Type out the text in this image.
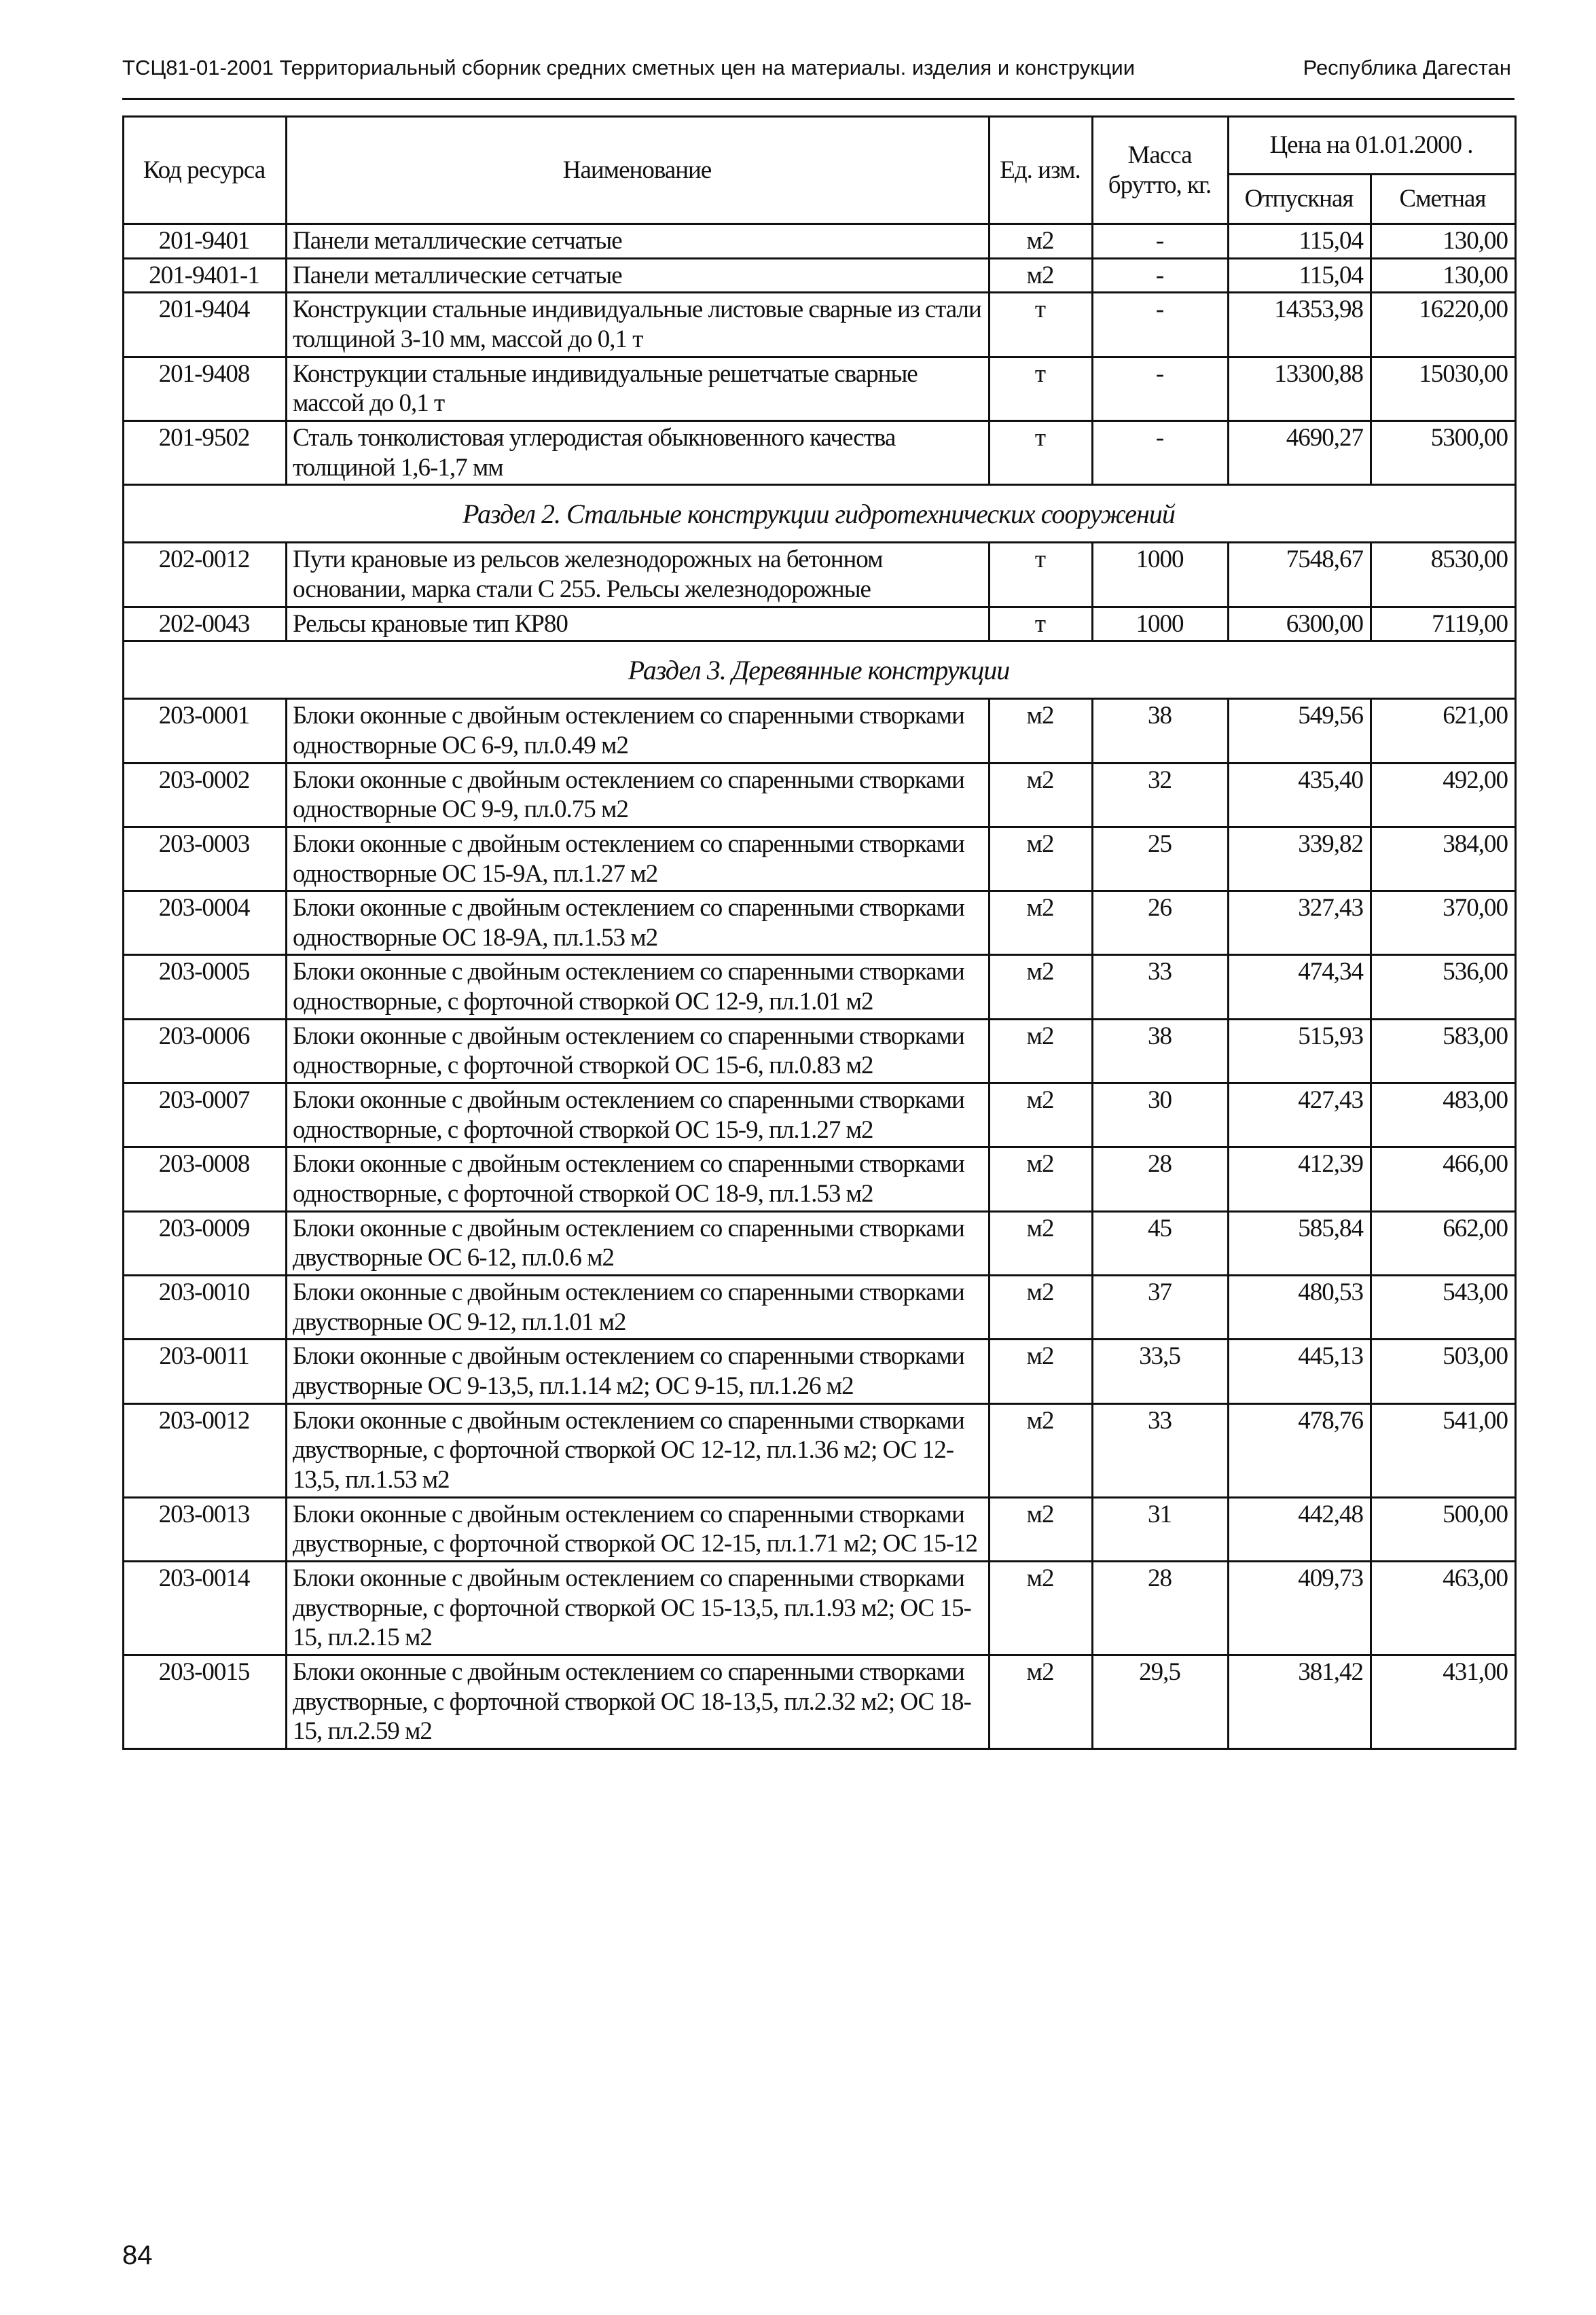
ТСЦ81-01-2001 Территориальный сборник средних сметных цен на материалы. изделия и конструкции	Республика Дагестан
Код ресурса	Наименование	Ед. изм.	Масса брутто, кг.	Цена на 01.01.2000 .	
				Отпускная	Сметная
201-9401	Панели металлические сетчатые	м2	-	115,04	130,00
201-9401-1	Панели металлические сетчатые	м2	-	115,04	130,00
201-9404	Конструкции стальные индивидуальные листовые сварные из стали толщиной 3-10 мм, массой до 0,1 т	т	-	14353,98	16220,00
201-9408	Конструкции стальные индивидуальные решетчатые сварные массой до 0,1 т	т	-	13300,88	15030,00
201-9502	Сталь тонколистовая углеродистая обыкновенного качества толщиной 1,6-1,7 мм	т	-	4690,27	5300,00
Раздел 2. Стальные конструкции гидротехнических сооружений					
202-0012	Пути крановые из рельсов железнодорожных на бетонном основании, марка стали С 255. Рельсы железнодорожные	т	1000	7548,67	8530,00
202-0043	Рельсы крановые тип КР80	т	1000	6300,00	7119,00
Раздел 3. Деревянные конструкции					
203-0001	Блоки оконные с двойным остеклением со спаренными створками одностворные ОС 6-9, пл.0.49 м2	м2	38	549,56	621,00
203-0002	Блоки оконные с двойным остеклением со спаренными створками одностворные ОС 9-9, пл.0.75 м2	м2	32	435,40	492,00
203-0003	Блоки оконные с двойным остеклением со спаренными створками одностворные ОС 15-9А, пл.1.27 м2	м2	25	339,82	384,00
203-0004	Блоки оконные с двойным остеклением со спаренными створками одностворные ОС 18-9А, пл.1.53 м2	м2	26	327,43	370,00
203-0005	Блоки оконные с двойным остеклением со спаренными створками одностворные, с форточной створкой ОС 12-9, пл.1.01 м2	м2	33	474,34	536,00
203-0006	Блоки оконные с двойным остеклением со спаренными створками одностворные, с форточной створкой ОС 15-6, пл.0.83 м2	м2	38	515,93	583,00
203-0007	Блоки оконные с двойным остеклением со спаренными створками одностворные, с форточной створкой ОС 15-9, пл.1.27 м2	м2	30	427,43	483,00
203-0008	Блоки оконные с двойным остеклением со спаренными створками одностворные, с форточной створкой ОС 18-9, пл.1.53 м2	м2	28	412,39	466,00
203-0009	Блоки оконные с двойным остеклением со спаренными створками двустворные ОС 6-12, пл.0.6 м2	м2	45	585,84	662,00
203-0010	Блоки оконные с двойным остеклением со спаренными створками двустворные ОС 9-12, пл.1.01 м2	м2	37	480,53	543,00
203-0011	Блоки оконные с двойным остеклением со спаренными створками двустворные ОС 9-13,5, пл.1.14 м2; ОС 9-15, пл.1.26 м2	м2	33,5	445,13	503,00
203-0012	Блоки оконные с двойным остеклением со спаренными створками двустворные, с форточной створкой ОС 12-12, пл.1.36 м2; ОС 12-13,5, пл.1.53 м2	м2	33	478,76	541,00
203-0013	Блоки оконные с двойным остеклением со спаренными створками двустворные, с форточной створкой ОС 12-15, пл.1.71 м2; ОС 15-12	м2	31	442,48	500,00
203-0014	Блоки оконные с двойным остеклением со спаренными створками двустворные, с форточной створкой ОС 15-13,5, пл.1.93 м2; ОС 15-15, пл.2.15 м2	м2	28	409,73	463,00
203-0015	Блоки оконные с двойным остеклением со спаренными створками двустворные, с форточной створкой ОС 18-13,5, пл.2.32 м2; ОС 18-15, пл.2.59 м2	м2	29,5	381,42	431,00
84
